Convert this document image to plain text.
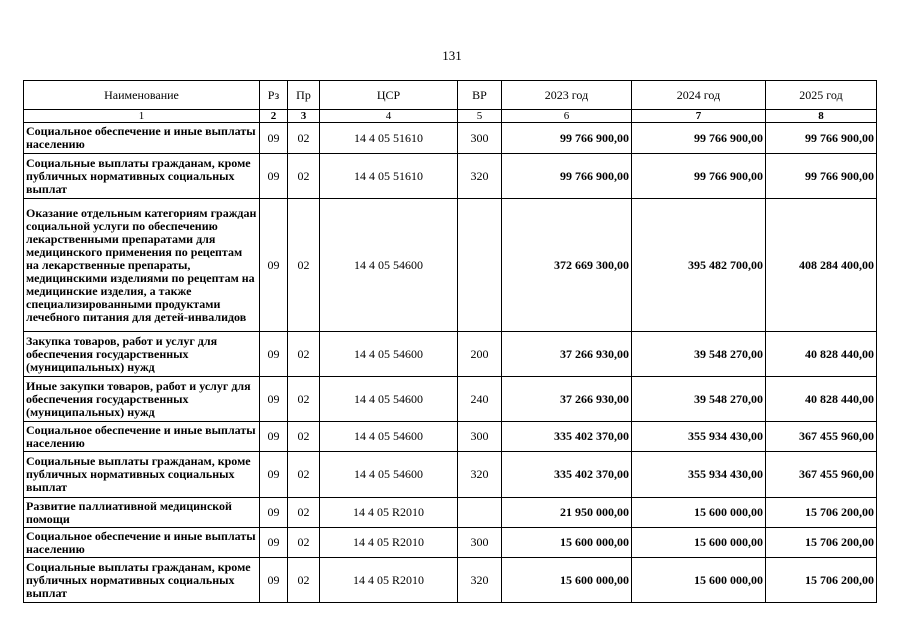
131
Наименование	Рз	Пр	ЦСР	ВР	2023 год	2024 год	2025 год
1	2	3	4	5	6	7	8
Социальное обеспечение и иные выплаты населению	09	02	14 4 05 51610	300	99 766 900,00	99 766 900,00	99 766 900,00
Социальные выплаты гражданам, кроме публичных нормативных социальных выплат	09	02	14 4 05 51610	320	99 766 900,00	99 766 900,00	99 766 900,00
Оказание отдельным категориям граждан социальной услуги по обеспечению лекарственными препаратами для медицинского применения по рецептам на лекарственные препараты, медицинскими изделиями по рецептам на медицинские изделия, а также специализированными продуктами лечебного питания для детей-инвалидов	09	02	14 4 05 54600		372 669 300,00	395 482 700,00	408 284 400,00
Закупка товаров, работ и услуг для обеспечения государственных (муниципальных) нужд	09	02	14 4 05 54600	200	37 266 930,00	39 548 270,00	40 828 440,00
Иные закупки товаров, работ и услуг для обеспечения государственных (муниципальных) нужд	09	02	14 4 05 54600	240	37 266 930,00	39 548 270,00	40 828 440,00
Социальное обеспечение и иные выплаты населению	09	02	14 4 05 54600	300	335 402 370,00	355 934 430,00	367 455 960,00
Социальные выплаты гражданам, кроме публичных нормативных социальных выплат	09	02	14 4 05 54600	320	335 402 370,00	355 934 430,00	367 455 960,00
Развитие паллиативной медицинской помощи	09	02	14 4 05 R2010		21 950 000,00	15 600 000,00	15 706 200,00
Социальное обеспечение и иные выплаты населению	09	02	14 4 05 R2010	300	15 600 000,00	15 600 000,00	15 706 200,00
Социальные выплаты гражданам, кроме публичных нормативных социальных выплат	09	02	14 4 05 R2010	320	15 600 000,00	15 600 000,00	15 706 200,00
